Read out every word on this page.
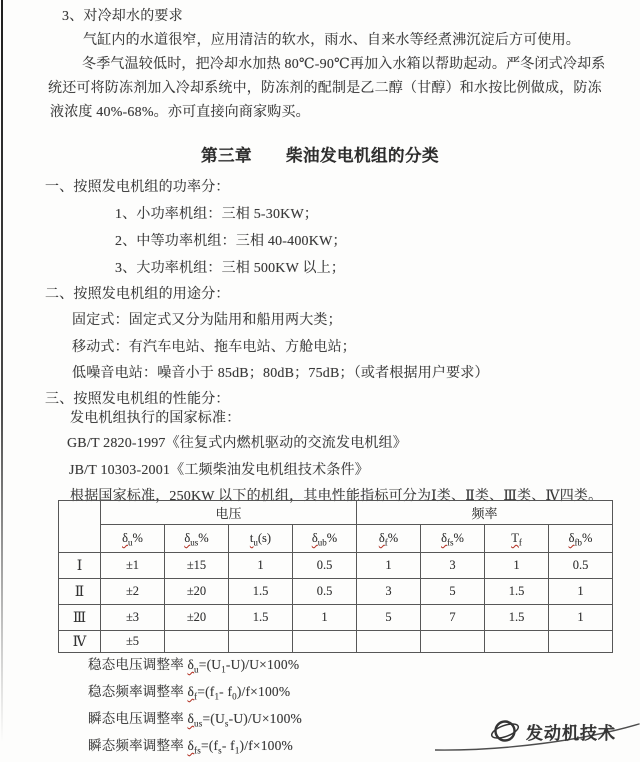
3、对冷却水的要求
气缸内的水道很窄，应用清洁的软水，雨水、自来水等经煮沸沉淀后方可使用。
冬季气温较低时，把冷却水加热 80℃-90℃再加入水箱以帮助起动。严冬闭式冷却系
统还可将防冻剂加入冷却系统中，防冻剂的配制是乙二醇（甘醇）和水按比例做成，防冻
液浓度 40%-68%。亦可直接向商家购买。
第三章　　柴油发电机组的分类
一、按照发电机组的功率分：
1、小功率机组：三相 5-30KW；
2、中等功率机组：三相 40-400KW；
3、大功率机组：三相 500KW 以上；
二、按照发电机组的用途分：
固定式：固定式又分为陆用和船用两大类；
移动式：有汽车电站、拖车电站、方舱电站；
低噪音电站：噪音小于 85dB；80dB；75dB；（或者根据用户要求）
三、按照发电机组的性能分：
发电机组执行的国家标准：
GB/T 2820-1997《往复式内燃机驱动的交流发电机组》
JB/T 10303-2001《工频柴油发电机组技术条件》
根据国家标准，250KW 以下的机组，其电性能指标可分为Ⅰ类、Ⅱ类、Ⅲ类、Ⅳ四类。
	电压				频率			
	$\delta_u\%$	$\delta_{us}\%$	$t_u(s)$	$\delta_{ub}\%$	$\delta_f\%$	$\delta_{fs}\%$	$T_f$	$\delta_{fb}\%$
Ⅰ	±1	±15	1	0.5	1	3	1	0.5
Ⅱ	±2	±20	1.5	0.5	3	5	1.5	1
Ⅲ	±3	±20	1.5	1	5	7	1.5	1
Ⅳ	±5							
稳态电压调整率 $\delta_u=(U_1-U)/U\times 100\%$
稳态频率调整率 $\delta_f=(f_1-$ $f_0)/f\times 100\%$
瞬态电压调整率 $\delta_{us}=(U_s-U)/U\times 100\%$
瞬态频率调整率 $\delta_{fs}=(f_s-$ $f_1)/f\times 100\%$
发动机技术
